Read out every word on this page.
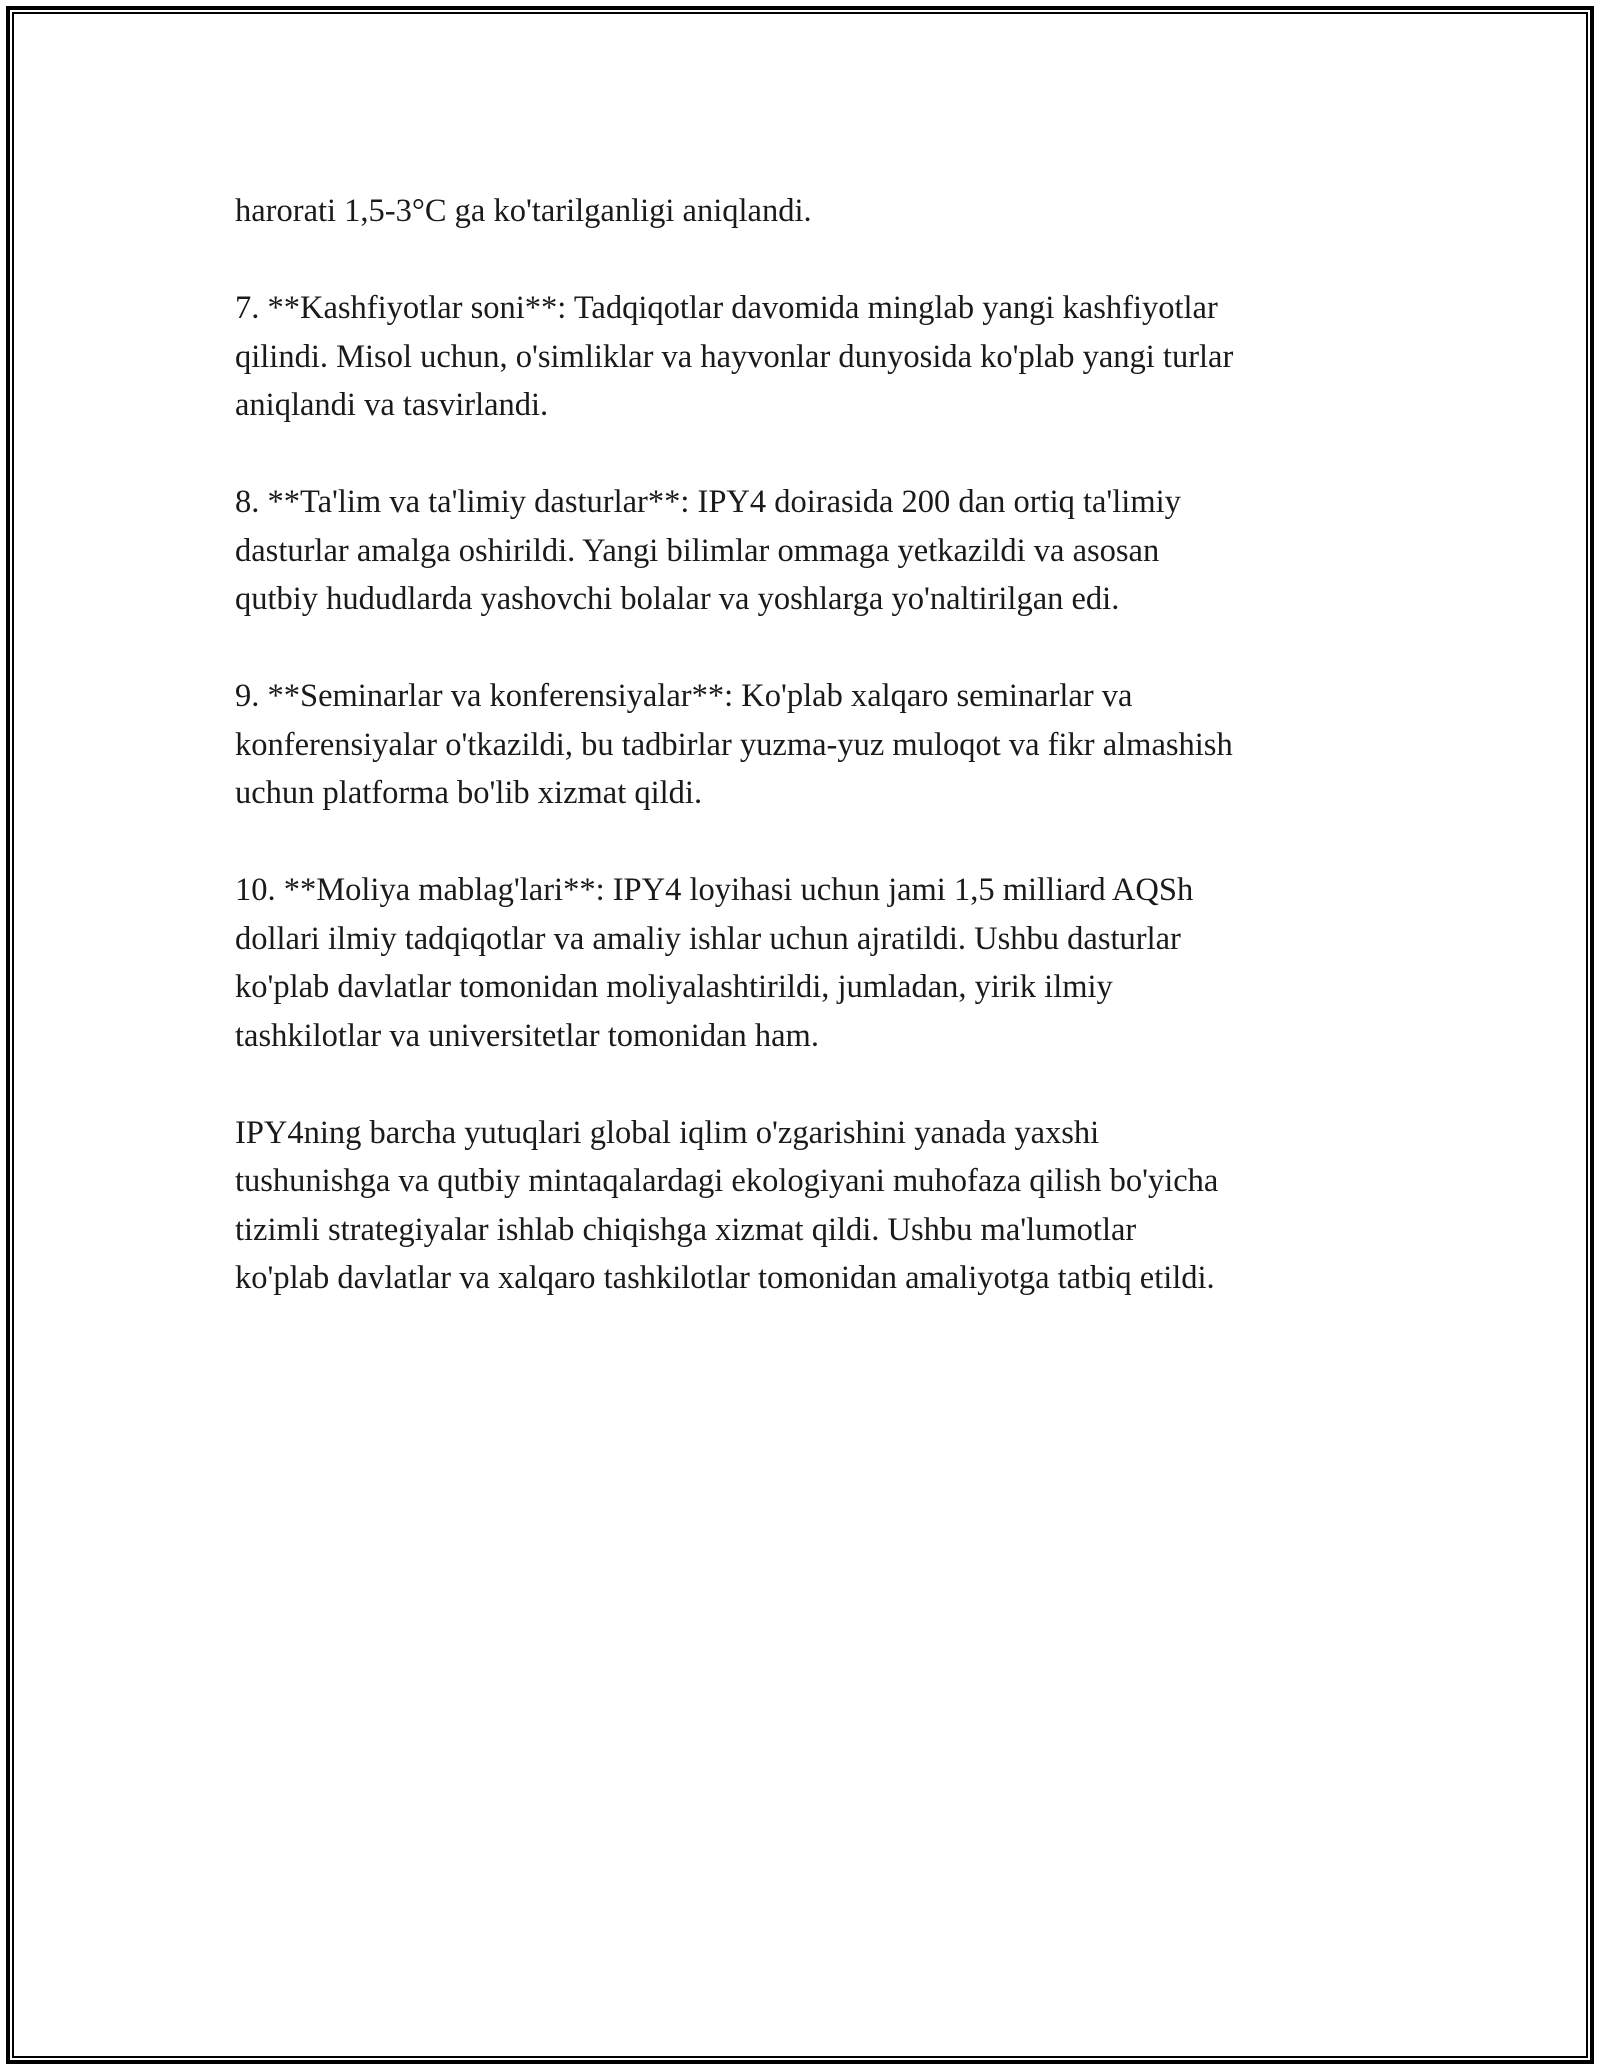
harorati 1,5-3°C ga ko'tarilganligi aniqlandi.

7. **Kashfiyotlar soni**: Tadqiqotlar davomida minglab yangi kashfiyotlar
qilindi. Misol uchun, o'simliklar va hayvonlar dunyosida ko'plab yangi turlar
aniqlandi va tasvirlandi.

8. **Ta'lim va ta'limiy dasturlar**: IPY4 doirasida 200 dan ortiq ta'limiy
dasturlar amalga oshirildi. Yangi bilimlar ommaga yetkazildi va asosan
qutbiy hududlarda yashovchi bolalar va yoshlarga yo'naltirilgan edi.

9. **Seminarlar va konferensiyalar**: Ko'plab xalqaro seminarlar va
konferensiyalar o'tkazildi, bu tadbirlar yuzma-yuz muloqot va fikr almashish
uchun platforma bo'lib xizmat qildi.

10. **Moliya mablag'lari**: IPY4 loyihasi uchun jami 1,5 milliard AQSh
dollari ilmiy tadqiqotlar va amaliy ishlar uchun ajratildi. Ushbu dasturlar
ko'plab davlatlar tomonidan moliyalashtirildi, jumladan, yirik ilmiy
tashkilotlar va universitetlar tomonidan ham.

IPY4ning barcha yutuqlari global iqlim o'zgarishini yanada yaxshi
tushunishga va qutbiy mintaqalardagi ekologiyani muhofaza qilish bo'yicha
tizimli strategiyalar ishlab chiqishga xizmat qildi. Ushbu ma'lumotlar
ko'plab davlatlar va xalqaro tashkilotlar tomonidan amaliyotga tatbiq etildi.
